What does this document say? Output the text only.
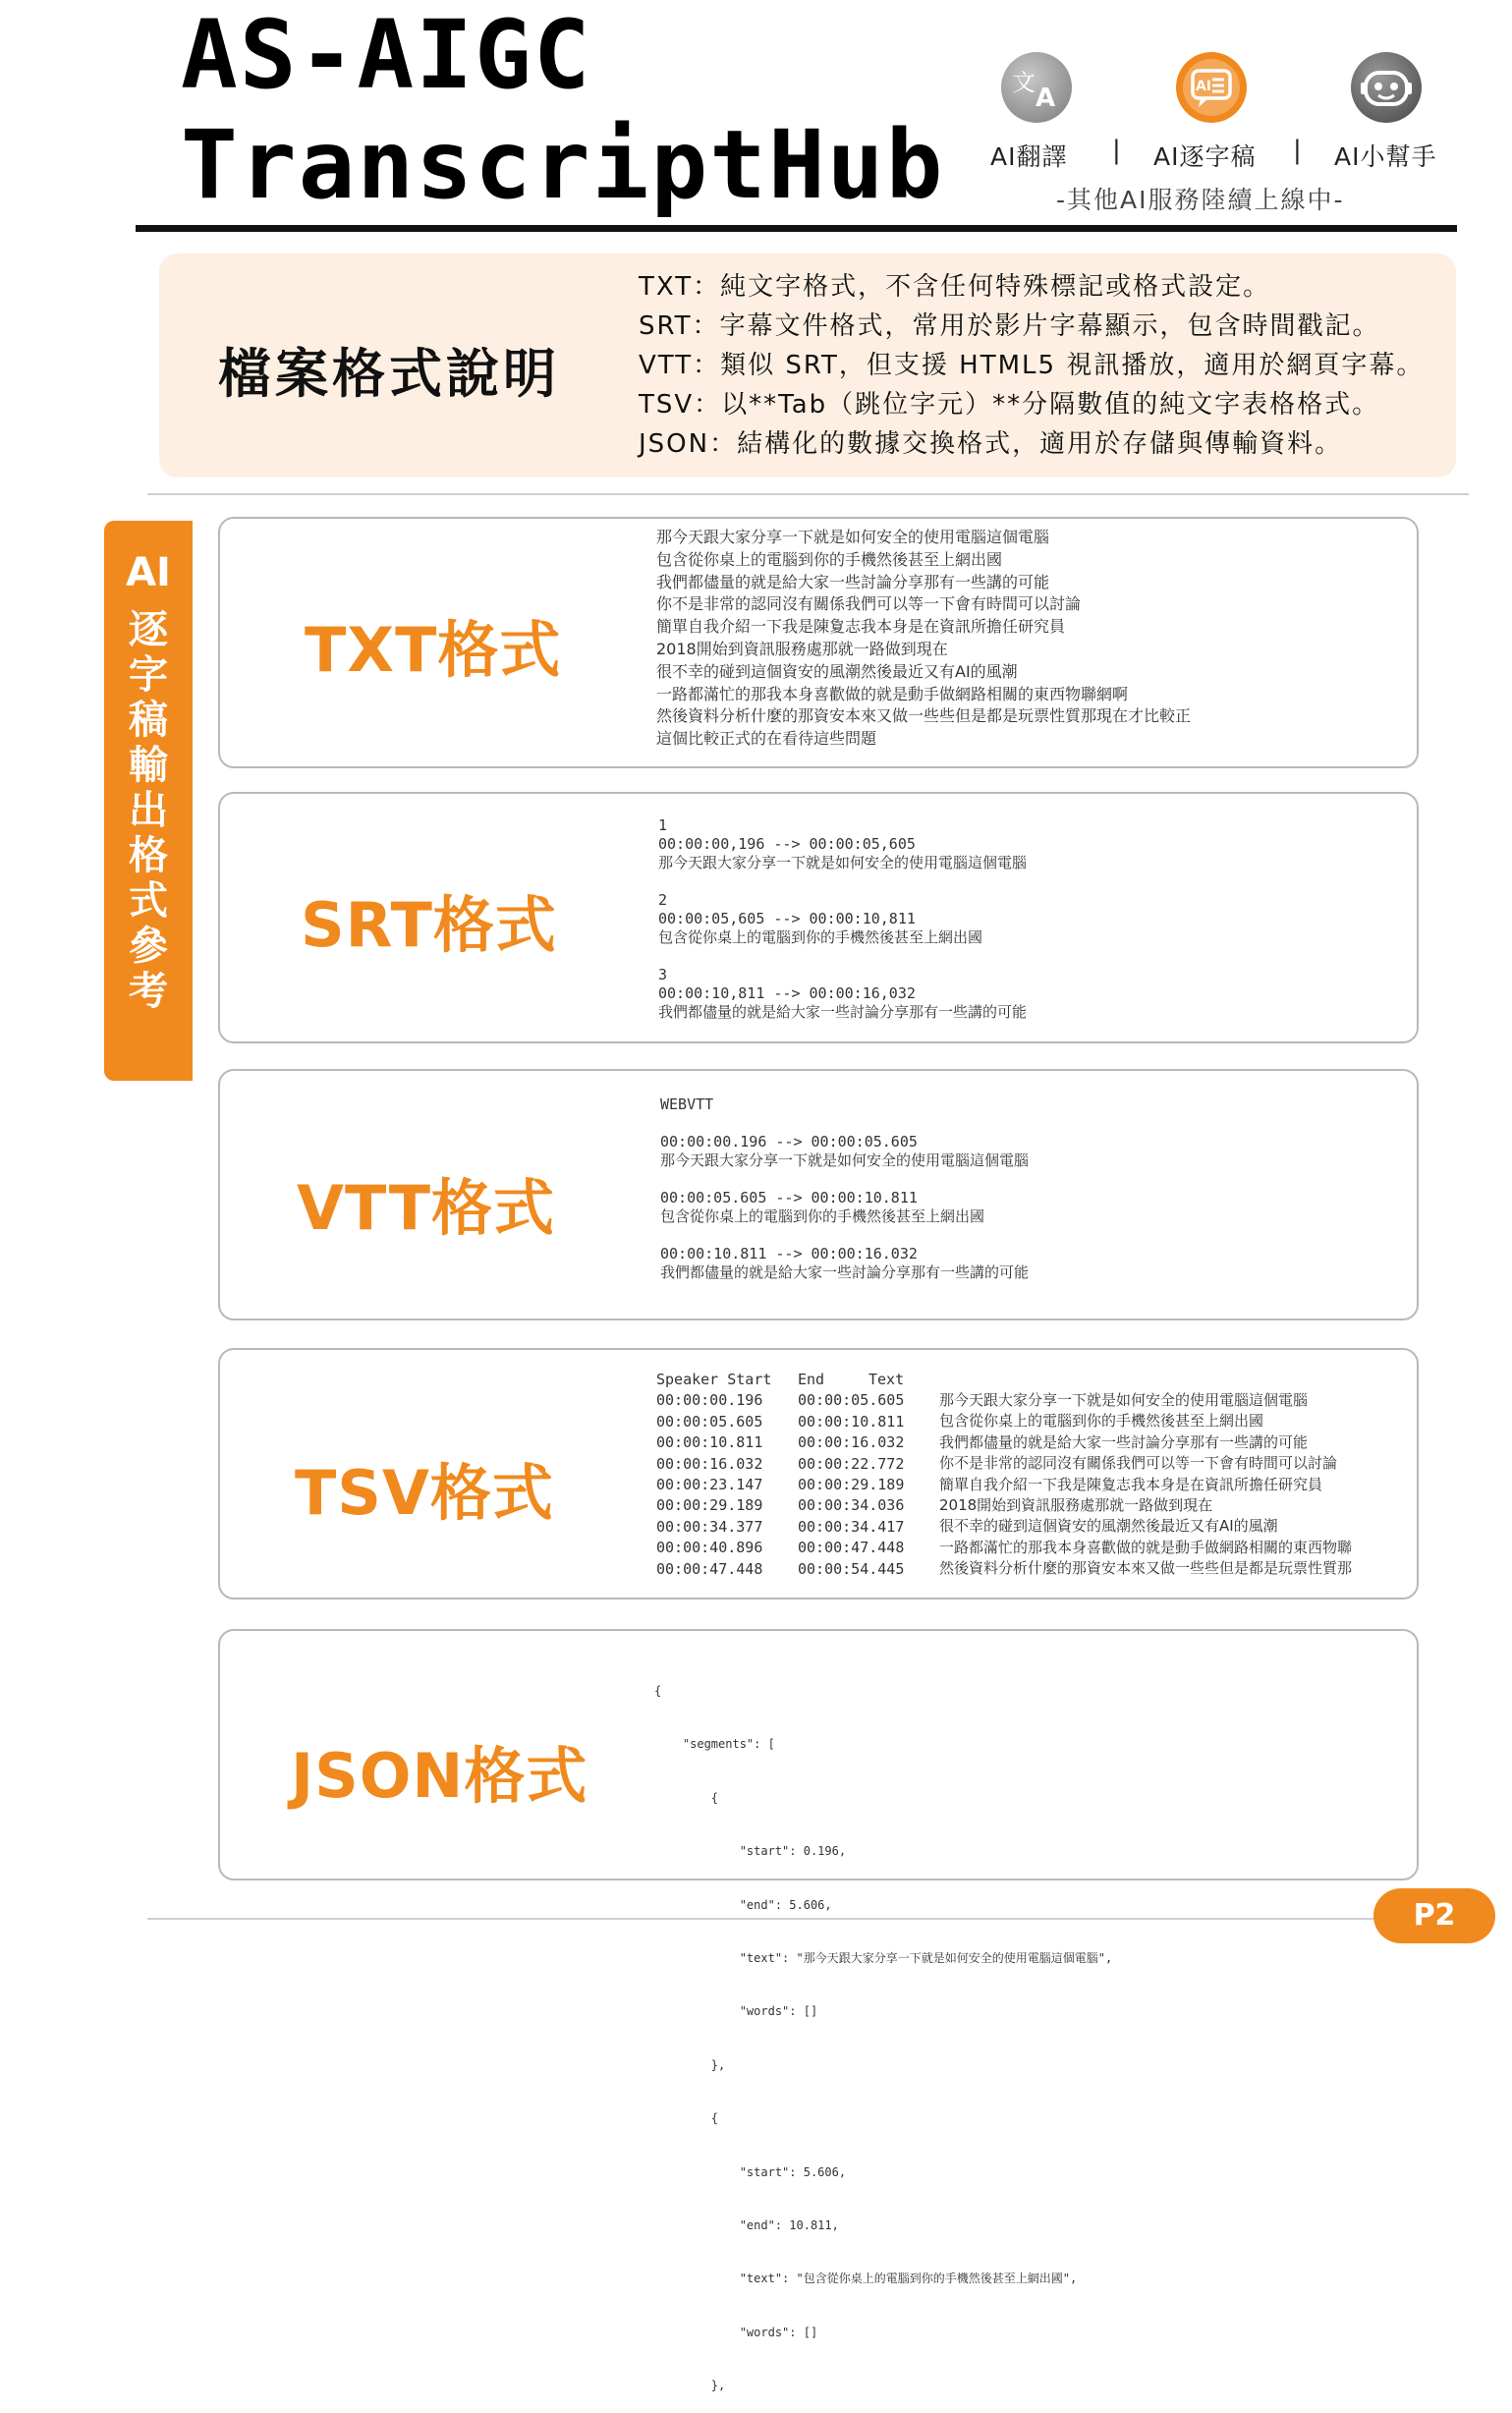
AS-AIGC
TranscriptHub
文
A	AI
AI翻譯 | AI逐字稿 | AI小幫手
-其他AI服務陸續上線中-
檔案格式說明
TXT：純文字格式，不含任何特殊標記或格式設定。
SRT：字幕文件格式，常用於影片字幕顯示，包含時間戳記。
VTT：類似 SRT，但支援 HTML5 視訊播放，適用於網頁字幕。
TSV：以**Tab（跳位字元）**分隔數值的純文字表格格式。
JSON：結構化的數據交換格式，適用於存儲與傳輸資料。
AI
逐
字
稿
輸
出
格
式
參
考
TXT格式
那今天跟大家分享一下就是如何安全的使用電腦這個電腦
包含從你桌上的電腦到你的手機然後甚至上網出國
我們都儘量的就是給大家一些討論分享那有一些講的可能
你不是非常的認同沒有關係我們可以等一下會有時間可以討論
簡單自我介紹一下我是陳夐志我本身是在資訊所擔任研究員
2018開始到資訊服務處那就一路做到現在
很不幸的碰到這個資安的風潮然後最近又有AI的風潮
一路都滿忙的那我本身喜歡做的就是動手做網路相關的東西物聯網啊
然後資料分析什麼的那資安本來又做一些些但是都是玩票性質那現在才比較正
這個比較正式的在看待這些問題
SRT格式
1
00:00:00,196 --> 00:00:05,605
那今天跟大家分享一下就是如何安全的使用電腦這個電腦
2
00:00:05,605 --> 00:00:10,811
包含從你桌上的電腦到你的手機然後甚至上網出國
3
00:00:10,811 --> 00:00:16,032
我們都儘量的就是給大家一些討論分享那有一些講的可能
VTT格式
WEBVTT
00:00:00.196 --> 00:00:05.605
那今天跟大家分享一下就是如何安全的使用電腦這個電腦
00:00:05.605 --> 00:00:10.811
包含從你桌上的電腦到你的手機然後甚至上網出國
00:00:10.811 --> 00:00:16.032
我們都儘量的就是給大家一些討論分享那有一些講的可能
TSV格式
Speaker Start
00:00:00.196
00:00:05.605
00:00:10.811
00:00:16.032
00:00:23.147
00:00:29.189
00:00:34.377
00:00:40.896
00:00:47.448
End
00:00:05.605
00:00:10.811
00:00:16.032
00:00:22.772
00:00:29.189
00:00:34.036
00:00:34.417
00:00:47.448
00:00:54.445
Text
那今天跟大家分享一下就是如何安全的使用電腦這個電腦
包含從你桌上的電腦到你的手機然後甚至上網出國
我們都儘量的就是給大家一些討論分享那有一些講的可能
你不是非常的認同沒有關係我們可以等一下會有時間可以討論
簡單自我介紹一下我是陳夐志我本身是在資訊所擔任研究員
2018開始到資訊服務處那就一路做到現在
很不幸的碰到這個資安的風潮然後最近又有AI的風潮
一路都滿忙的那我本身喜歡做的就是動手做網路相關的東西物聯
然後資料分析什麼的那資安本來又做一些些但是都是玩票性質那
JSON格式

{

"segments": [

{

"start": 0.196,

"end": 5.606,

"text": "那今天跟大家分享一下就是如何安全的使用電腦這個電腦",

"words": []

},

{

"start": 5.606,

"end": 10.811,

"text": "包含從你桌上的電腦到你的手機然後甚至上網出國",

"words": []

},

P2
